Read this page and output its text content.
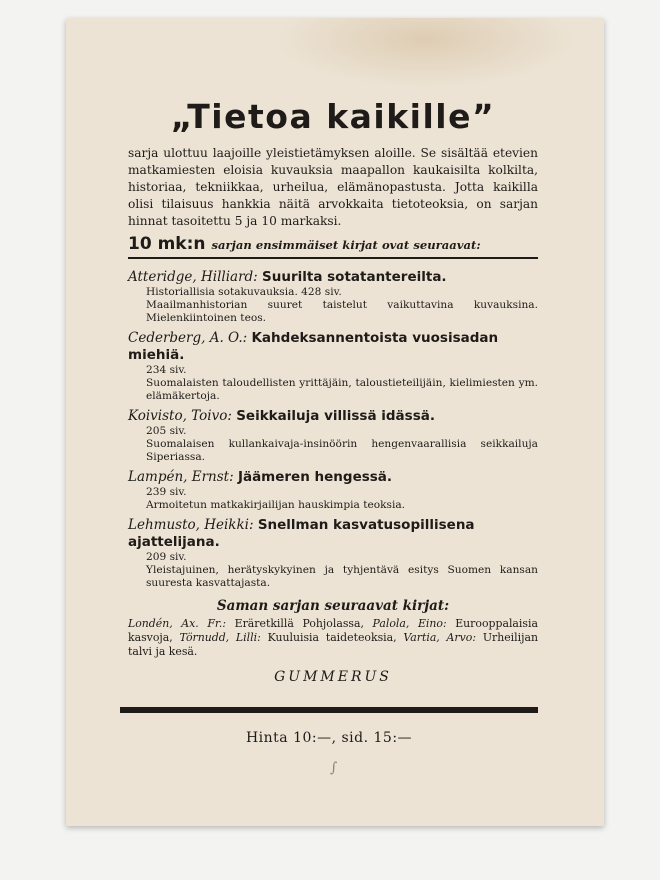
„Tietoa kaikille”

sarja ulottuu laajoille yleistietämyksen aloille. Se sisältää etevien matkamiesten eloisia kuvauksia maapallon kaukaisilta kolkilta, historiaa, tekniikkaa, urheilua, elämänopastusta. Jotta kaikilla olisi tilaisuus hankkia näitä arvokkaita tietoteoksia, on sarjan hinnat tasoitettu 5 ja 10 markaksi.

10 mk:n sarjan ensimmäiset kirjat ovat seuraavat:
Atteridge, Hilliard: Suurilta sotatantereilta.
Historiallisia sotakuvauksia. 428 siv.
Maailmanhistorian suuret taistelut vaikuttavina kuvauksina. Mielenkiintoinen teos.
Cederberg, A. O.: Kahdeksannentoista vuosisadan miehiä.
234 siv.
Suomalaisten taloudellisten yrittäjäin, taloustieteilijäin, kielimiesten ym. elämäkertoja.
Koivisto, Toivo: Seikkailuja villissä idässä.
205 siv.
Suomalaisen kullankaivaja-insinöörin hengenvaarallisia seikkailuja Siperiassa.
Lampén, Ernst: Jäämeren hengessä.
239 siv.
Armoitetun matkakirjailijan hauskimpia teoksia.
Lehmusto, Heikki: Snellman kasvatusopillisena ajattelijana.
209 siv.
Yleistajuinen, herätyskykyinen ja tyhjentävä esitys Suomen kansan suuresta kasvattajasta.
Saman sarjan seuraavat kirjat:
Londén, Ax. Fr.: Eräretkillä Pohjolassa, Palola, Eino: Eurooppalaisia kasvoja, Törnudd, Lilli: Kuuluisia taideteoksia, Vartia, Arvo: Urheilijan talvi ja kesä.
GUMMERUS
Hinta 10:—, sid. 15:—
∫
